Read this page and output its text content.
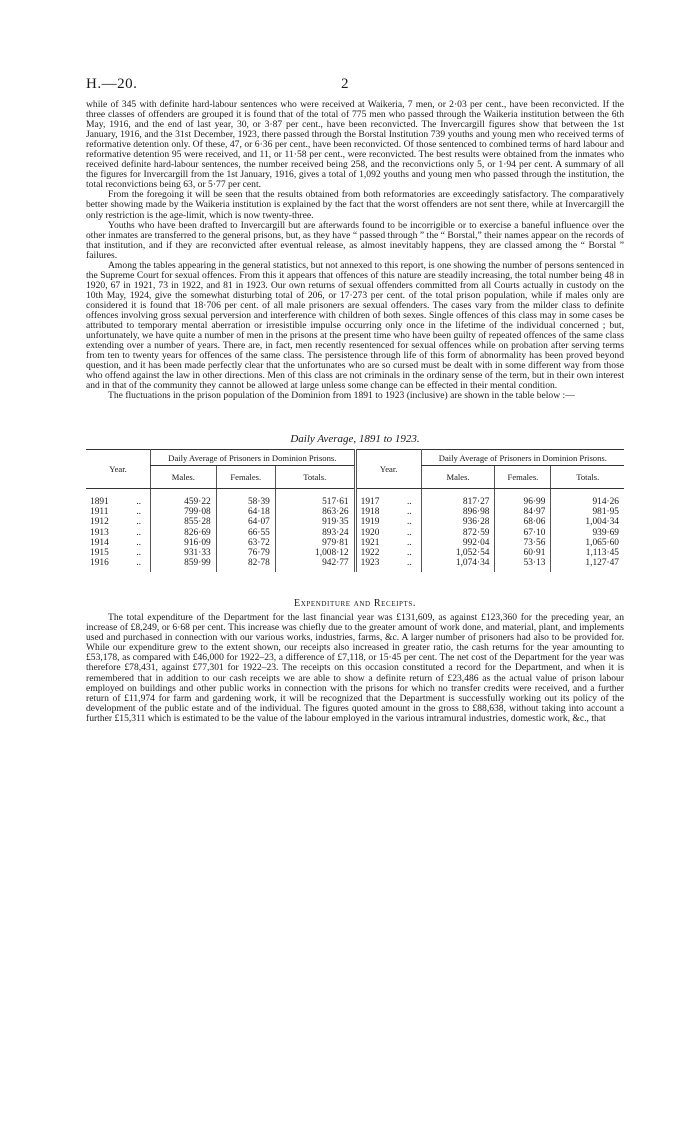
H.—20.	2

while of 345 with definite hard-labour sentences who were received at Waikeria, 7 men, or 2·03 per cent., have been reconvicted. If the three classes of offenders are grouped it is found that of the total of 775 men who passed through the Waikeria institution between the 6th May, 1916, and the end of last year, 30, or 3·87 per cent., have been reconvicted. The Invercargill figures show that between the 1st January, 1916, and the 31st December, 1923, there passed through the Borstal Institution 739 youths and young men who received terms of reformative detention only. Of these, 47, or 6·36 per cent., have been reconvicted. Of those sentenced to combined terms of hard labour and reformative detention 95 were received, and 11, or 11·58 per cent., were reconvicted. The best results were obtained from the inmates who received definite hard-labour sentences, the number received being 258, and the reconvictions only 5, or 1·94 per cent. A summary of all the figures for Invercargill from the 1st January, 1916, gives a total of 1,092 youths and young men who passed through the institution, the total reconvictions being 63, or 5·77 per cent.

From the foregoing it will be seen that the results obtained from both reformatories are exceedingly satisfactory. The comparatively better showing made by the Waikeria institution is explained by the fact that the worst offenders are not sent there, while at Invercargill the only restriction is the age-limit, which is now twenty-three.

Youths who have been drafted to Invercargill but are afterwards found to be incorrigible or to exercise a baneful influence over the other inmates are transferred to the general prisons, but, as they have “ passed through ” the “ Borstal,” their names appear on the records of that institution, and if they are reconvicted after eventual release, as almost inevitably happens, they are classed among the “ Borstal ” failures.

Among the tables appearing in the general statistics, but not annexed to this report, is one showing the number of persons sentenced in the Supreme Court for sexual offences. From this it appears that offences of this nature are steadily increasing, the total number being 48 in 1920, 67 in 1921, 73 in 1922, and 81 in 1923. Our own returns of sexual offenders committed from all Courts actually in custody on the 10th May, 1924, give the somewhat disturbing total of 206, or 17·273 per cent. of the total prison population, while if males only are considered it is found that 18·706 per cent. of all male prisoners are sexual offenders. The cases vary from the milder class to definite offences involving gross sexual perversion and interference with children of both sexes. Single offences of this class may in some cases be attributed to temporary mental aberration or irresistible impulse occurring only once in the lifetime of the individual concerned ; but, unfortunately, we have quite a number of men in the prisons at the present time who have been guilty of repeated offences of the same class extending over a number of years. There are, in fact, men recently resentenced for sexual offences while on probation after serving terms from ten to twenty years for offences of the same class. The persistence through life of this form of abnormality has been proved beyond question, and it has been made perfectly clear that the unfortunates who are so cursed must be dealt with in some different way from those who offend against the law in other directions. Men of this class are not criminals in the ordinary sense of the term, but in their own interest and in that of the community they cannot be allowed at large unless some change can be effected in their mental condition.

The fluctuations in the prison population of the Dominion from 1891 to 1923 (inclusive) are shown in the table below :—

Daily Average, 1891 to 1923.
Year.	Daily Average of Prisoners in Dominion Prisons.			Year.	Daily Average of Prisoners in Dominion Prisons.		
	Males.	Females.	Totals.		Males.	Females.	Totals.

1891 ..	459·22	58·39	517·61	1917 ..	817·27	96·99	914·26
1911 ..	799·08	64·18	863·26	1918 ..	896·98	84·97	981·95
1912 ..	855·28	64·07	919·35	1919 ..	936·28	68·06	1,004·34
1913 ..	826·69	66·55	893·24	1920 ..	872·59	67·10	939·69
1914 ..	916·09	63·72	979·81	1921 ..	992·04	73·56	1,065·60
1915 ..	931·33	76·79	1,008·12	1922 ..	1,052·54	60·91	1,113·45
1916 ..	859·99	82·78	942·77	1923 ..	1,074·34	53·13	1,127·47

Expenditure and Receipts.

The total expenditure of the Department for the last financial year was £131,609, as against £123,360 for the preceding year, an increase of £8,249, or 6·68 per cent. This increase was chiefly due to the greater amount of work done, and material, plant, and implements used and purchased in connection with our various works, industries, farms, &c. A larger number of prisoners had also to be provided for. While our expenditure grew to the extent shown, our receipts also increased in greater ratio, the cash returns for the year amounting to £53,178, as compared with £46,000 for 1922–23, a difference of £7,118, or 15·45 per cent. The net cost of the Department for the year was therefore £78,431, against £77,301 for 1922–23. The receipts on this occasion constituted a record for the Department, and when it is remembered that in addition to our cash receipts we are able to show a definite return of £23,486 as the actual value of prison labour employed on buildings and other public works in connection with the prisons for which no transfer credits were received, and a further return of £11,974 for farm and gardening work, it will be recognized that the Department is successfully working out its policy of the development of the public estate and of the individual. The figures quoted amount in the gross to £88,638, without taking into account a further £15,311 which is estimated to be the value of the labour employed in the various intramural industries, domestic work, &c., that
